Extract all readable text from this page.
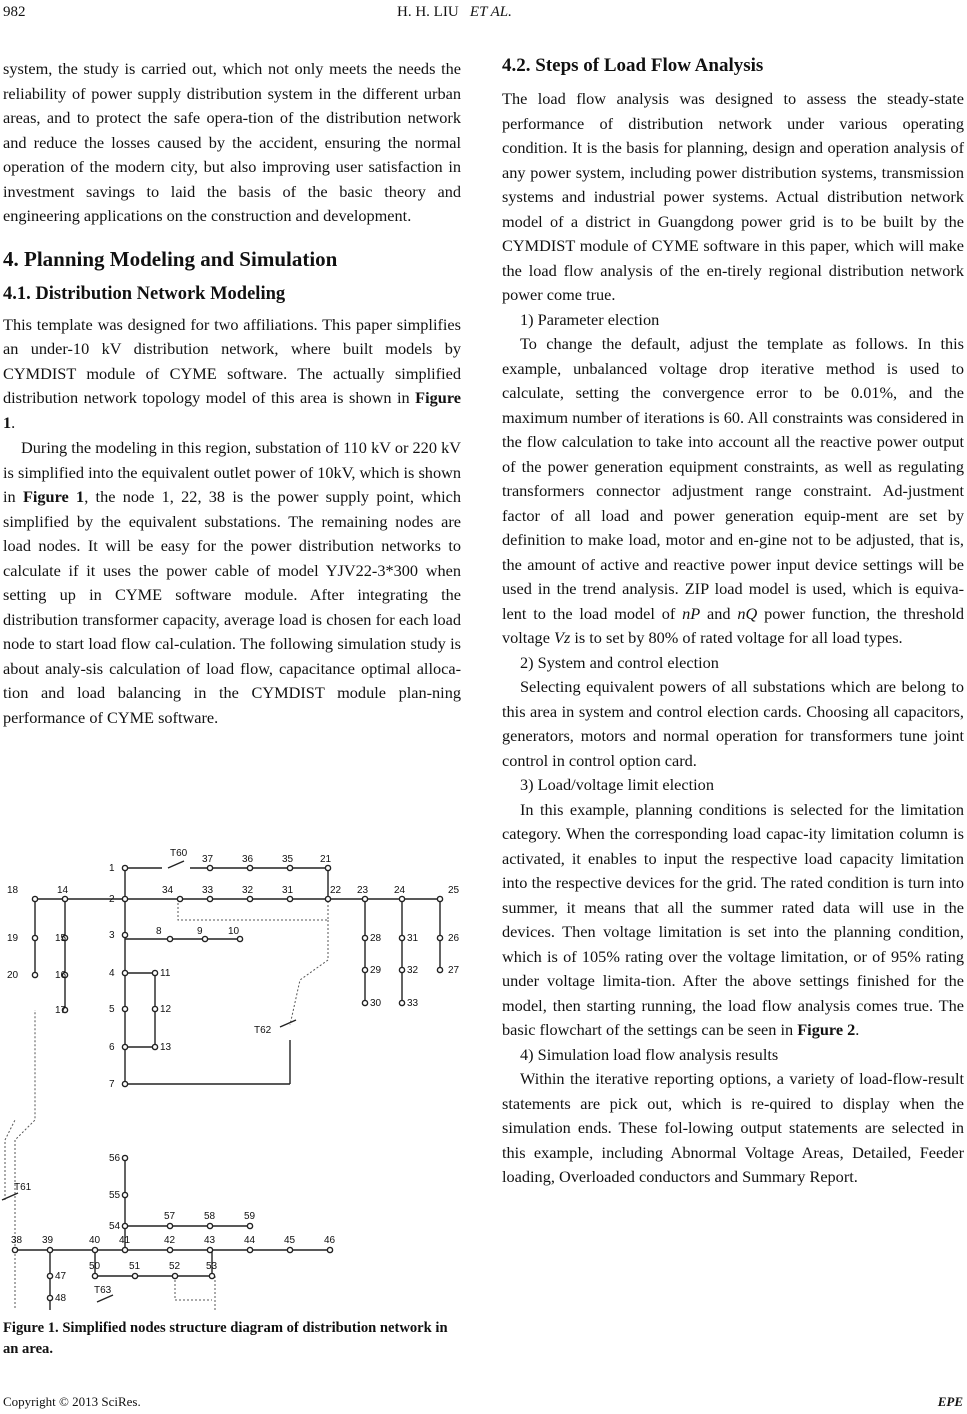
982	H. H. LIU ET AL.

system, the study is carried out, which not only meets the needs the reliability of power supply distribution system in the different urban areas, and to protect the safe opera-tion of the distribution network and reduce the losses caused by the accident, ensuring the normal operation of the modern city, but also improving user satisfaction in investment savings to laid the basis of the basic theory and engineering applications on the construction and development.

4. Planning Modeling and Simulation
4.1. Distribution Network Modeling

This template was designed for two affiliations. This paper simplifies an under-10 kV distribution network, where built models by CYMDIST module of CYME software. The actually simplified distribution network topology model of this area is shown in Figure 1.

During the modeling in this region, substation of 110 kV or 220 kV is simplified into the equivalent outlet power of 10kV, which is shown in Figure 1, the node 1, 22, 38 is the power supply point, which simplified by the equivalent substations. The remaining nodes are load nodes. It will be easy for the power distribution networks to calculate if it uses the power cable of model YJV22-3*300 when setting up in CYME software module. After integrating the distribution transformer capacity, average load is chosen for each load node to start load flow cal-culation. The following simulation study is about analy-sis calculation of load flow, capacitance optimal alloca-tion and load balancing in the CYMDIST module plan-ning performance of CYME software.

1
2
3
4
5
6
7
8	9	10
11
12
13
14
15
16
17
18
19
20
21
22 23	24	25
26
27
28
29
30
31
32
33
34
35
36
37
38 39	40 41	42	43	44	45	46
47
48
50	51	52	53
54
55
56
57	58	59
33	32	31
T60
T61
T62
T63
Figure 1. Simplified nodes structure diagram of distribution network in an area.
4.2. Steps of Load Flow Analysis

The load flow analysis was designed to assess the steady-state performance of distribution network under various operating condition. It is the basis for planning, design and operation analysis of any power system, including power distribution systems, transmission systems and industrial power systems. Actual distribution network model of a district in Guangdong power grid is to be built by the CYMDIST module of CYME software in this paper, which will make the load flow analysis of the en-tirely regional distribution network power come true.

1) Parameter election

To change the default, adjust the template as follows. In this example, unbalanced voltage drop iterative method is used to calculate, setting the convergence error to be 0.01%, and the maximum number of iterations is 60. All constraints was considered in the flow calculation to take into account all the reactive power output of the power generation equipment constraints, as well as regulating transformers connector adjustment range constraint. Ad-justment factor of all load and power generation equip-ment are set by definition to make load, motor and en-gine not to be adjusted, that is, the amount of active and reactive power input device settings will be used in the trend analysis. ZIP load model is used, which is equiva-lent to the load model of nP and nQ power function, the threshold voltage Vz is to set by 80% of rated voltage for all load types.

2) System and control election

Selecting equivalent powers of all substations which are belong to this area in system and control election cards. Choosing all capacitors, generators, motors and normal operation for transformers tune joint control in control option card.

3) Load/voltage limit election

In this example, planning conditions is selected for the limitation category. When the corresponding load capac-ity limitation column is activated, it enables to input the respective load capacity limitation into the respective devices for the grid. The rated condition is turn into summer, it means that all the summer rated data will use in the devices. Then voltage limitation is set into the planning condition, which is of 105% rating over the voltage limitation, or of 95% rating under voltage limita-tion. After the above settings finished for the model, then starting running, the load flow analysis comes true. The basic flowchart of the settings can be seen in Figure 2.

4) Simulation load flow analysis results

Within the iterative reporting options, a variety of load-flow-result statements are pick out, which is re-quired to display when the simulation ends. These fol-lowing output statements are selected in this example, including Abnormal Voltage Areas, Detailed, Feeder loading, Overloaded conductors and Summary Report.

Copyright © 2013 SciRes.	EPE
